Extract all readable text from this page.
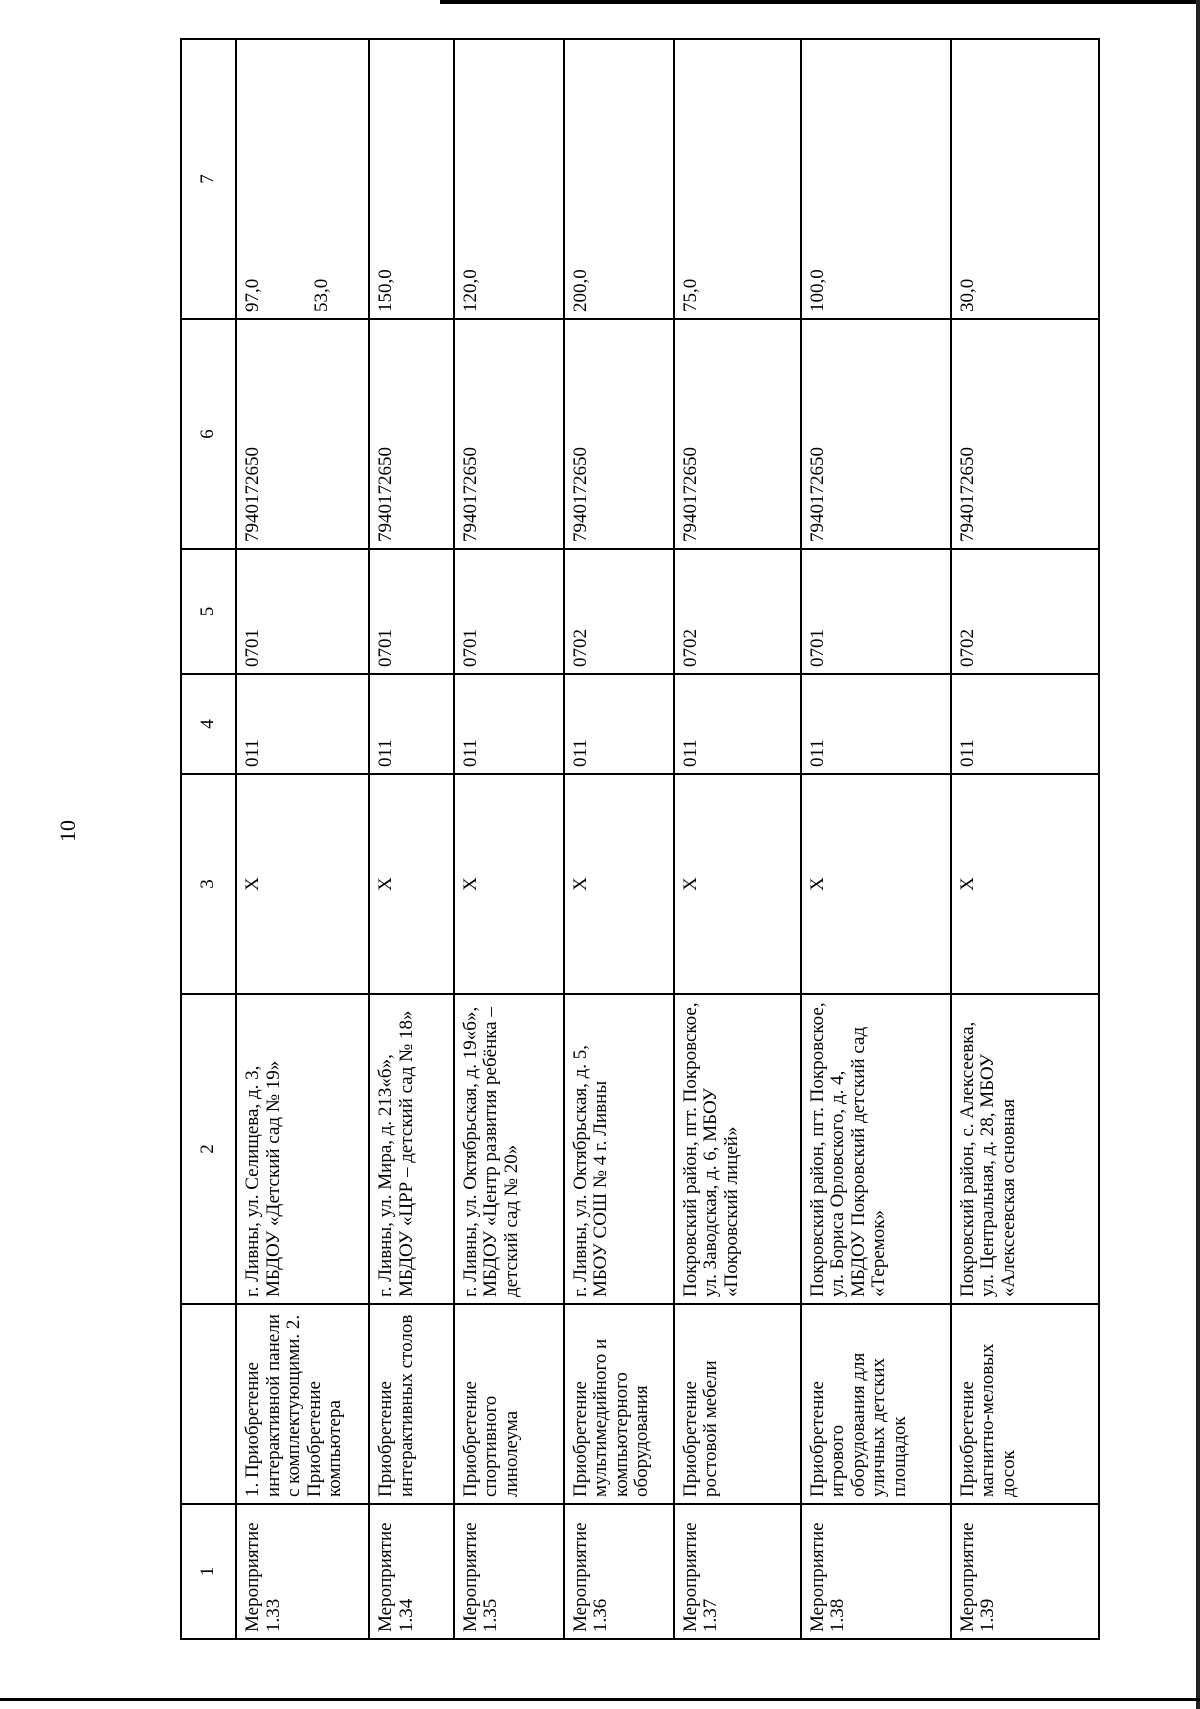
10
1		2	3	4	5	6	7
Мероприятие 1.33	1. Приобретение интерактивной панели с комплектующими. 2. Приобретение компьютера	г. Ливны, ул. Селищева, д. 3, МБДОУ «Детский сад № 19»	Х	011	0701	7940172650	97,0 53,0

Мероприятие 1.34	Приобретение интерактивных столов	г. Ливны, ул. Мира, д. 213«б», МБДОУ «ЦРР – детский сад № 18»	Х	011	0701	7940172650	150,0
Мероприятие 1.35	Приобретение спортивного линолеума	г. Ливны, ул. Октябрьская, д. 19«б», МБДОУ «Центр развития ребёнка – детский сад № 20»	Х	011	0701	7940172650	120,0
Мероприятие 1.36	Приобретение мультимедийного и компьютерного оборудования	г. Ливны, ул. Октябрьская, д. 5, МБОУ СОШ № 4 г. Ливны	Х	011	0702	7940172650	200,0
Мероприятие 1.37	Приобретение ростовой мебели	Покровский район, пгт. Покровское, ул. Заводская, д. 6, МБОУ «Покровский лицей»	Х	011	0702	7940172650	75,0
Мероприятие 1.38	Приобретение игрового оборудования для уличных детских площадок	Покровский район, пгт. Покровское, ул. Бориса Орловского, д. 4, МБДОУ Покровский детский сад «Теремок»	Х	011	0701	7940172650	100,0
Мероприятие 1.39	Приобретение магнитно-меловых досок	Покровский район, с. Алексеевка, ул. Центральная, д. 28, МБОУ «Алексеевская основная	Х	011	0702	7940172650	30,0
